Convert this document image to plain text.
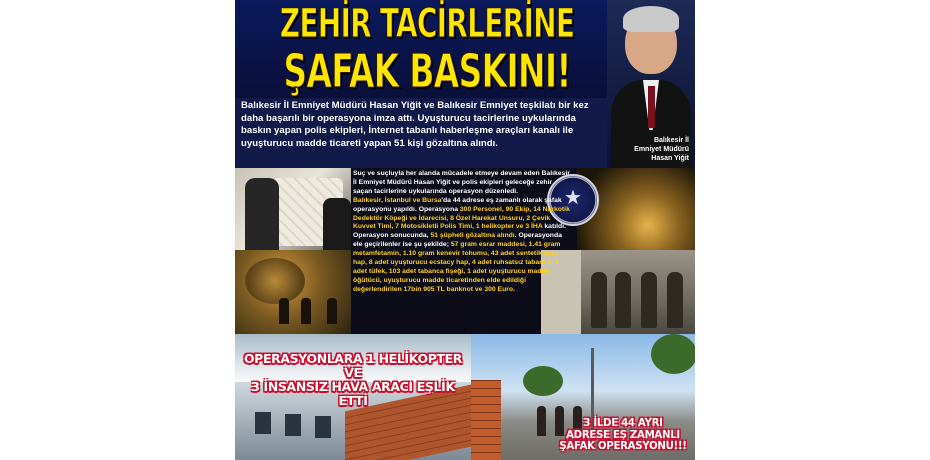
ZEHİR TACİRLERİNE
ŞAFAK BASKINI!
Balıkesir İl
Emniyet Müdürü
Hasan Yiğit
Balıkesir İl Emniyet Müdürü Hasan Yiğit ve Balıkesir Emniyet teşkilatı bir kez daha başarılı bir operasyona imza attı. Uyuşturucu tacirlerine uykularında baskın yapan polis ekipleri, İnternet tabanlı haberleşme araçları kanalı ile uyuşturucu madde ticareti yapan 51 kişi gözaltına alındı.
★
Suç ve suçluyla her alanda mücadele etmeye devam eden Balıkesir İl Emniyet Müdürü Hasan Yiğit ve polis ekipleri geleceğe zehir saçan tacirlerine uykularında operasyon düzenledi.
Balıkesir, İstanbul ve Bursa'da 44 adrese eş zamanlı olarak şafak operasyonu yapıldı. Operasyona 300 Personel, 90 Ekip, 14 Narkotik Dedektör Köpeği ve İdarecisi, 8 Özel Harekat Unsuru, 2 Çevik Kuvvet Timi, 7 Motosikletli Polis Timi, 1 helikopter ve 3 İHA katıldı. Operasyon sonucunda, 51 şüpheli gözaltına alındı. Operasyonda ele geçirilenler ise şu şekilde; 57 gram esrar maddesi, 1.41 gram metamfetamin, 1.10 gram kenevir tohumu, 43 adet sentetik ecza hap, 8 adet uyuşturucu ecstacy hap, 4 adet ruhsatsız tabanca, 4 adet tüfek, 103 adet tabanca fişeği, 1 adet uyuşturucu madde öğütücü, uyuşturucu madde ticaretinden elde edildiği değerlendirilen 17bin 905 TL banknot ve 300 Euro.
OPERASYONLARA 1 HELİKOPTER VE
3 İNSANSIZ HAVA ARACI EŞLİK ETTİ
3 İLDE 44 AYRI
ADRESE EŞ ZAMANLI
ŞAFAK OPERASYONU!!!
